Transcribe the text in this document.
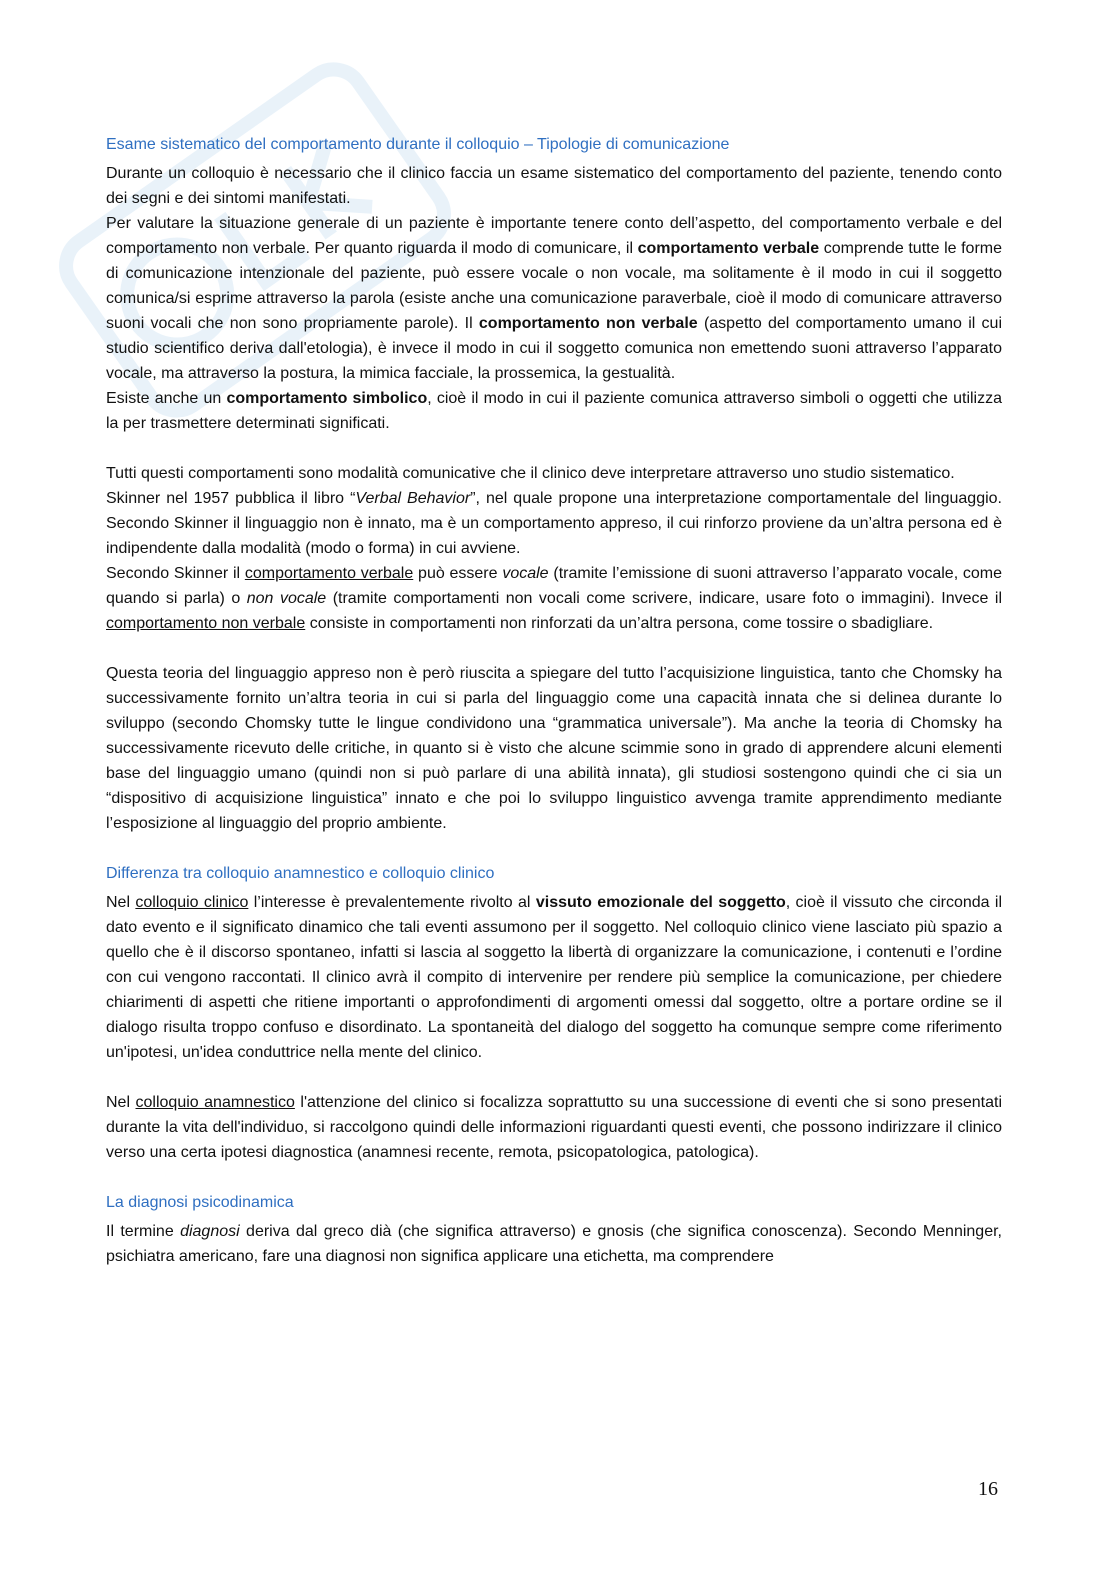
Esame sistematico del comportamento durante il colloquio – Tipologie di comunicazione

Durante un colloquio è necessario che il clinico faccia un esame sistematico del comportamento del paziente, tenendo conto dei segni e dei sintomi manifestati.

Per valutare la situazione generale di un paziente è importante tenere conto dell’aspetto, del comportamento verbale e del comportamento non verbale. Per quanto riguarda il modo di comunicare, il comportamento verbale comprende tutte le forme di comunicazione intenzionale del paziente, può essere vocale o non vocale, ma solitamente è il modo in cui il soggetto comunica/si esprime attraverso la parola (esiste anche una comunicazione paraverbale, cioè il modo di comunicare attraverso suoni vocali che non sono propriamente parole). Il comportamento non verbale (aspetto del comportamento umano il cui studio scientifico deriva dall'etologia), è invece il modo in cui il soggetto comunica non emettendo suoni attraverso l’apparato vocale, ma attraverso la postura, la mimica facciale, la prossemica, la gestualità.

Esiste anche un comportamento simbolico, cioè il modo in cui il paziente comunica attraverso simboli o oggetti che utilizza la per trasmettere determinati significati.

Tutti questi comportamenti sono modalità comunicative che il clinico deve interpretare attraverso uno studio sistematico.

Skinner nel 1957 pubblica il libro “Verbal Behavior”, nel quale propone una interpretazione comportamentale del linguaggio. Secondo Skinner il linguaggio non è innato, ma è un comportamento appreso, il cui rinforzo proviene da un’altra persona ed è indipendente dalla modalità (modo o forma) in cui avviene.

Secondo Skinner il comportamento verbale può essere vocale (tramite l’emissione di suoni attraverso l’apparato vocale, come quando si parla) o non vocale (tramite comportamenti non vocali come scrivere, indicare, usare foto o immagini). Invece il comportamento non verbale consiste in comportamenti non rinforzati da un’altra persona, come tossire o sbadigliare.

Questa teoria del linguaggio appreso non è però riuscita a spiegare del tutto l’acquisizione linguistica, tanto che Chomsky ha successivamente fornito un’altra teoria in cui si parla del linguaggio come una capacità innata che si delinea durante lo sviluppo (secondo Chomsky tutte le lingue condividono una “grammatica universale”). Ma anche la teoria di Chomsky ha successivamente ricevuto delle critiche, in quanto si è visto che alcune scimmie sono in grado di apprendere alcuni elementi base del linguaggio umano (quindi non si può parlare di una abilità innata), gli studiosi sostengono quindi che ci sia un “dispositivo di acquisizione linguistica” innato e che poi lo sviluppo linguistico avvenga tramite apprendimento mediante l’esposizione al linguaggio del proprio ambiente.

Differenza tra colloquio anamnestico e colloquio clinico

Nel colloquio clinico l’interesse è prevalentemente rivolto al vissuto emozionale del soggetto, cioè il vissuto che circonda il dato evento e il significato dinamico che tali eventi assumono per il soggetto. Nel colloquio clinico viene lasciato più spazio a quello che è il discorso spontaneo, infatti si lascia al soggetto la libertà di organizzare la comunicazione, i contenuti e l’ordine con cui vengono raccontati. Il clinico avrà il compito di intervenire per rendere più semplice la comunicazione, per chiedere chiarimenti di aspetti che ritiene importanti o approfondimenti di argomenti omessi dal soggetto, oltre a portare ordine se il dialogo risulta troppo confuso e disordinato. La spontaneità del dialogo del soggetto ha comunque sempre come riferimento un'ipotesi, un'idea conduttrice nella mente del clinico.

Nel colloquio anamnestico l'attenzione del clinico si focalizza soprattutto su una successione di eventi che si sono presentati durante la vita dell'individuo, si raccolgono quindi delle informazioni riguardanti questi eventi, che possono indirizzare il clinico verso una certa ipotesi diagnostica (anamnesi recente, remota, psicopatologica, patologica).

La diagnosi psicodinamica

Il termine diagnosi deriva dal greco dià (che significa attraverso) e gnosis (che significa conoscenza). Secondo Menninger, psichiatra americano, fare una diagnosi non significa applicare una etichetta, ma comprendere

16
